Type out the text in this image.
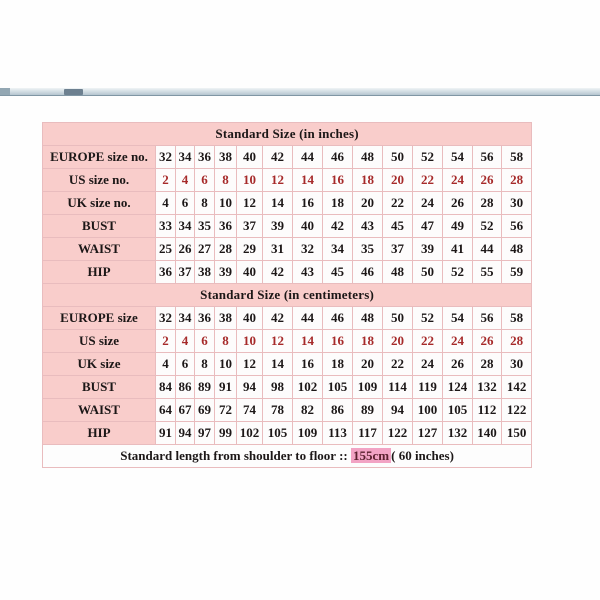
Standard Size (in inches)														
EUROPE size no.	32	34	36	38	40	42	44	46	48	50	52	54	56	58
US size no.	2	4	6	8	10	12	14	16	18	20	22	24	26	28
UK size no.	4	6	8	10	12	14	16	18	20	22	24	26	28	30
BUST	33	34	35	36	37	39	40	42	43	45	47	49	52	56
WAIST	25	26	27	28	29	31	32	34	35	37	39	41	44	48
HIP	36	37	38	39	40	42	43	45	46	48	50	52	55	59
Standard Size (in centimeters)														
EUROPE size	32	34	36	38	40	42	44	46	48	50	52	54	56	58
US size	2	4	6	8	10	12	14	16	18	20	22	24	26	28
UK size	4	6	8	10	12	14	16	18	20	22	24	26	28	30
BUST	84	86	89	91	94	98	102	105	109	114	119	124	132	142
WAIST	64	67	69	72	74	78	82	86	89	94	100	105	112	122
HIP	91	94	97	99	102	105	109	113	117	122	127	132	140	150
Standard length from shoulder to floor :: 155cm ( 60 inches)														
